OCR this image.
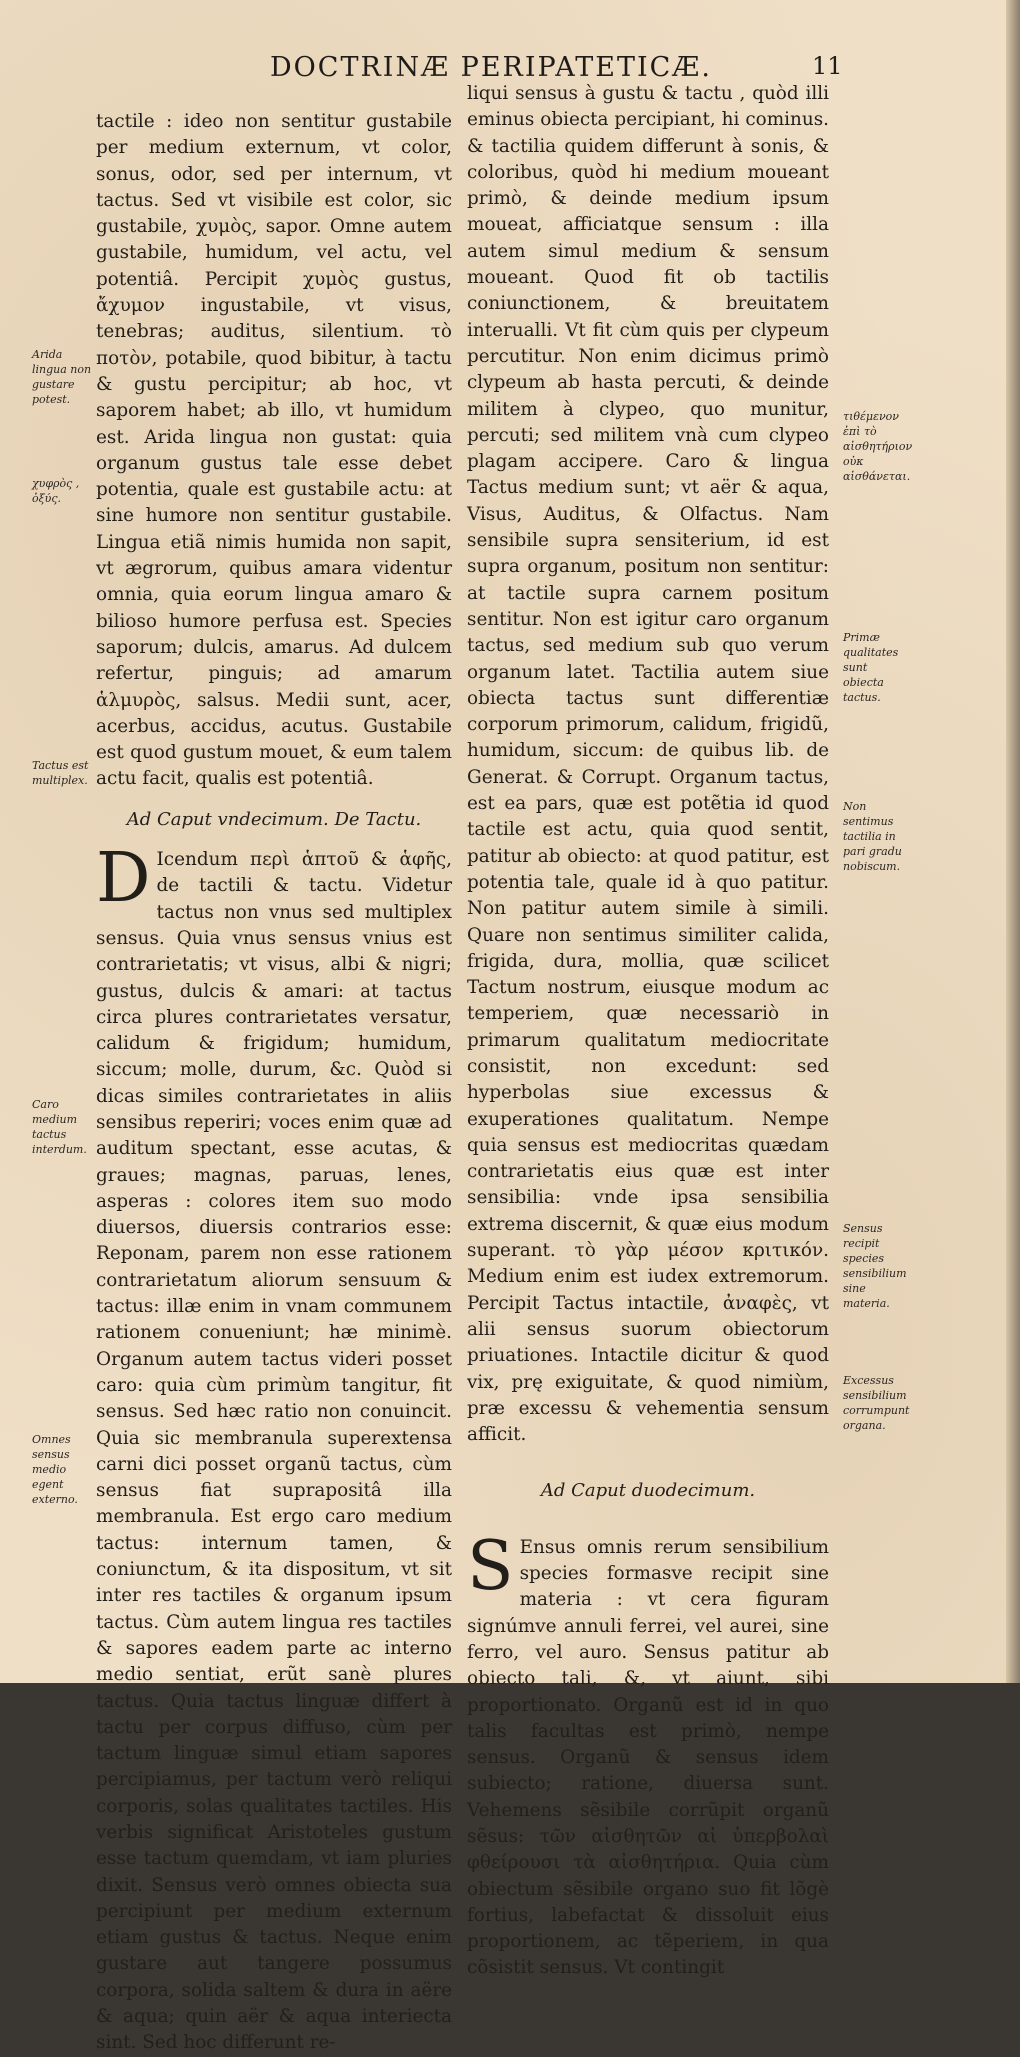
DOCTRINÆ PERIPATETICÆ.	11
Arida lingua non gustare potest.
χυφρὸς , ὀξύς.
Tactus est multiplex.
Caro medium tactus interdum.
Omnes sensus medio egent externo.
τιθέμενον ἐπὶ τὸ αἰσθητήριον οὐκ αἰσθάνεται.
Primæ qualitates sunt obiecta tactus.
Non sentimus tactilia in pari gradu nobiscum.
Sensus recipit species sensibilium sine materia.
Excessus sensibilium corrumpunt organa.

tactile : ideo non sentitur gustabile per medium externum, vt color, sonus, odor, sed per internum, vt tactus. Sed vt visibile est color, sic gustabile, χυμὸς, sapor. Omne autem gustabile, humidum, vel actu, vel potentiâ. Percipit χυμὸς gustus, ἄχυμον ingustabile, vt visus, tenebras; auditus, silentium. τὸ ποτὸν, potabile, quod bibitur, à tactu & gustu percipitur; ab hoc, vt saporem habet; ab illo, vt humidum est. Arida lingua non gustat: quia organum gustus tale esse debet potentia, quale est gustabile actu: at sine humore non sentitur gustabile. Lingua etiã nimis humida non sapit, vt ægrorum, quibus amara videntur omnia, quia eorum lingua amaro & bilioso humore perfusa est. Species saporum; dulcis, amarus. Ad dulcem refertur, pinguis; ad amarum ἁλμυρὸς, salsus. Medii sunt, acer, acerbus, accidus, acutus. Gustabile est quod gustum mouet, & eum talem actu facit, qualis est potentiâ.

Ad Caput vndecimum. De Tactu.

D Icendum περὶ ἁπτοῦ & ἁφῆς, de tactili & tactu. Videtur tactus non vnus sed multiplex sensus. Quia vnus sensus vnius est contrarietatis; vt visus, albi & nigri; gustus, dulcis & amari: at tactus circa plures contrarietates versatur, calidum & frigidum; humidum, siccum; molle, durum, &c. Quòd si dicas similes contrarietates in aliis sensibus reperiri; voces enim quæ ad auditum spectant, esse acutas, & graues; magnas, paruas, lenes, asperas : colores item suo modo diuersos, diuersis contrarios esse: Reponam, parem non esse rationem contrarietatum aliorum sensuum & tactus: illæ enim in vnam communem rationem conueniunt; hæ minimè. Organum autem tactus videri posset caro: quia cùm primùm tangitur, fit sensus. Sed hæc ratio non conuincit. Quia sic membranula superextensa carni dici posset organũ tactus, cùm sensus fiat suprapositâ illa membranula. Est ergo caro medium tactus: internum tamen, & coniunctum, & ita dispositum, vt sit inter res tactiles & organum ipsum tactus. Cùm autem lingua res tactiles & sapores eadem parte ac interno medio sentiat, erũt sanè plures tactus. Quia tactus linguæ differt à tactu per corpus diffuso, cùm per tactum linguæ simul etiam sapores percipiamus, per tactum verò reliqui corporis, solas qualitates tactiles. His verbis significat Aristoteles gustum esse tactum quemdam, vt iam pluries dixit. Sensus verò omnes obiecta sua percipiunt per medium externum etiam gustus & tactus. Neque enim gustare aut tangere possumus corpora, solida saltem & dura in aëre & aqua; quin aër & aqua interiecta sint. Sed hoc differunt re-

liqui sensus à gustu & tactu , quòd illi eminus obiecta percipiant, hi cominus. & tactilia quidem differunt à sonis, & coloribus, quòd hi medium moueant primò, & deinde medium ipsum moueat, afficiatque sensum : illa autem simul medium & sensum moueant. Quod fit ob tactilis coniunctionem, & breuitatem interualli. Vt fit cùm quis per clypeum percutitur. Non enim dicimus primò clypeum ab hasta percuti, & deinde militem à clypeo, quo munitur, percuti; sed militem vnà cum clypeo plagam accipere. Caro & lingua Tactus medium sunt; vt aër & aqua, Visus, Auditus, & Olfactus. Nam sensibile supra sensiterium, id est supra organum, positum non sentitur: at tactile supra carnem positum sentitur. Non est igitur caro organum tactus, sed medium sub quo verum organum latet. Tactilia autem siue obiecta tactus sunt differentiæ corporum primorum, calidum, frigidũ, humidum, siccum: de quibus lib. de Generat. & Corrupt. Organum tactus, est ea pars, quæ est potẽtia id quod tactile est actu, quia quod sentit, patitur ab obiecto: at quod patitur, est potentia tale, quale id à quo patitur. Non patitur autem simile à simili. Quare non sentimus similiter calida, frigida, dura, mollia, quæ scilicet Tactum nostrum, eiusque modum ac temperiem, quæ necessariò in primarum qualitatum mediocritate consistit, non excedunt: sed hyperbolas siue excessus & exuperationes qualitatum. Nempe quia sensus est mediocritas quædam contrarietatis eius quæ est inter sensibilia: vnde ipsa sensibilia extrema discernit, & quæ eius modum superant. τὸ γὰρ μέσον κριτικόν. Medium enim est iudex extremorum. Percipit Tactus intactile, ἀναφὲς, vt alii sensus suorum obiectorum priuationes. Intactile dicitur & quod vix, prę exiguitate, & quod nimiùm, præ excessu & vehementia sensum afficit.

Ad Caput duodecimum.

S Ensus omnis rerum sensibilium species formasve recipit sine materia : vt cera figuram signúmve annuli ferrei, vel aurei, sine ferro, vel auro. Sensus patitur ab obiecto tali, &, vt aiunt, sibi proportionato. Organũ est id in quo talis facultas est primò, nempe sensus. Organũ & sensus idem subiecto; ratione, diuersa sunt. Vehemens sẽsibile corrũpit organũ sẽsus: τῶν αἰσθητῶν αἱ ὑπερβολαὶ φθείρουσι τὰ αἰσθητήρια. Quia cùm obiectum sẽsibile organo suo fit lõgè fortius, labefactat & dissoluit eius proportionem, ac tẽperiem, in qua cõsistit sensus. Vt contingit
